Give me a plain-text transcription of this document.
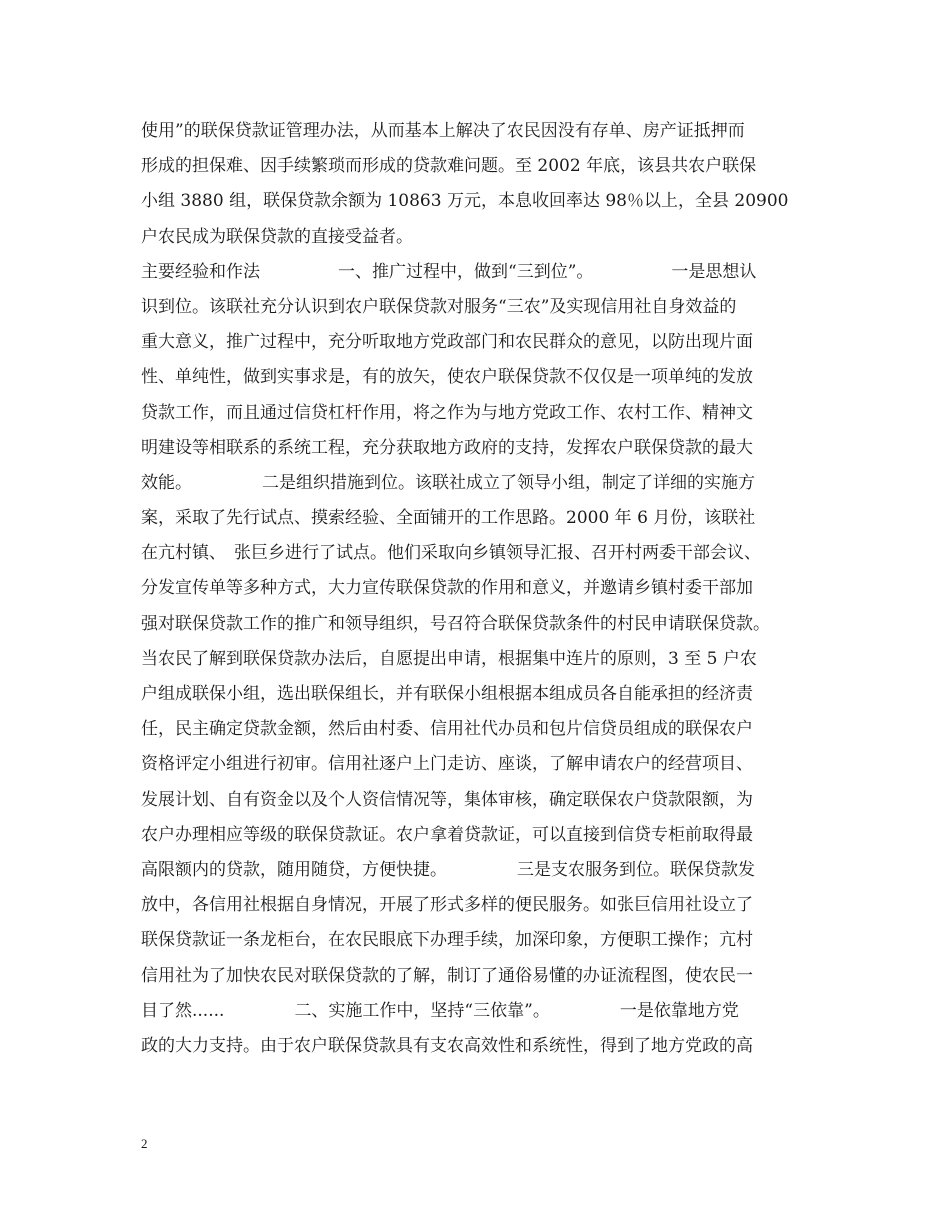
使用”的联保贷款证管理办法，从而基本上解决了农民因没有存单、房产证抵押而
形成的担保难、因手续繁琐而形成的贷款难问题。至 2002 年底，该县共农户联保
小组 3880 组，联保贷款余额为 10863 万元，本息收回率达 98％以上，全县 20900
户农民成为联保贷款的直接受益者。
主要经验和作法	一、推广过程中，做到“三到位”。	一是思想认
识到位。该联社充分认识到农户联保贷款对服务“三农”及实现信用社自身效益的
重大意义，推广过程中，充分听取地方党政部门和农民群众的意见，以防出现片面
性、单纯性，做到实事求是，有的放矢，使农户联保贷款不仅仅是一项单纯的发放
贷款工作，而且通过信贷杠杆作用，将之作为与地方党政工作、农村工作、精神文
明建设等相联系的系统工程，充分获取地方政府的支持，发挥农户联保贷款的最大
效能。	二是组织措施到位。该联社成立了领导小组，制定了详细的实施方
案，采取了先行试点、摸索经验、全面铺开的工作思路。2000 年 6 月份，该联社
在亢村镇、 张巨乡进行了试点。他们采取向乡镇领导汇报、召开村两委干部会议、
分发宣传单等多种方式，大力宣传联保贷款的作用和意义，并邀请乡镇村委干部加
强对联保贷款工作的推广和领导组织，号召符合联保贷款条件的村民申请联保贷款。
当农民了解到联保贷款办法后，自愿提出申请，根据集中连片的原则，3 至 5 户农
户组成联保小组，选出联保组长，并有联保小组根据本组成员各自能承担的经济责
任，民主确定贷款金额，然后由村委、信用社代办员和包片信贷员组成的联保农户
资格评定小组进行初审。信用社逐户上门走访、座谈，了解申请农户的经营项目、
发展计划、自有资金以及个人资信情况等，集体审核，确定联保农户贷款限额，为
农户办理相应等级的联保贷款证。农户拿着贷款证，可以直接到信贷专柜前取得最
高限额内的贷款，随用随贷，方便快捷。	三是支农服务到位。联保贷款发
放中，各信用社根据自身情况，开展了形式多样的便民服务。如张巨信用社设立了
联保贷款证一条龙柜台，在农民眼底下办理手续，加深印象，方便职工操作；亢村
信用社为了加快农民对联保贷款的了解，制订了通俗易懂的办证流程图，使农民一
目了然......	二、实施工作中，坚持“三依靠”。	一是依靠地方党
政的大力支持。由于农户联保贷款具有支农高效性和系统性，得到了地方党政的高
2
